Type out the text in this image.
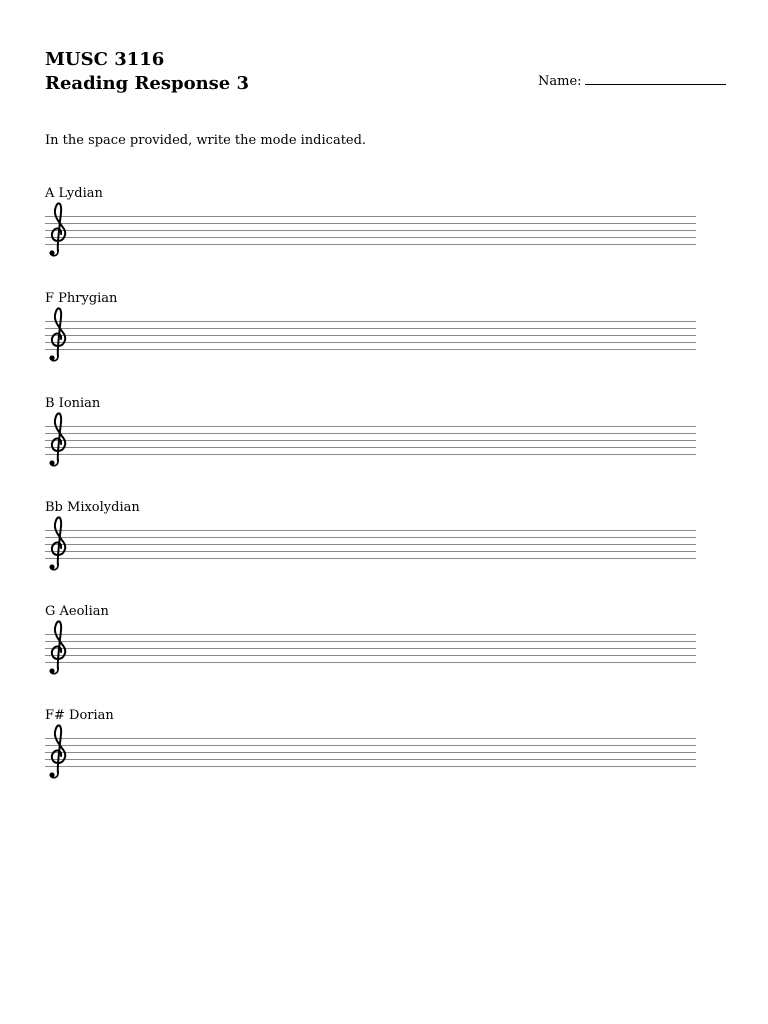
MUSC 3116
Reading Response 3	Name:
In the space provided, write the mode indicated.
A Lydian
F Phrygian
B Ionian
Bb Mixolydian
G Aeolian
F# Dorian
